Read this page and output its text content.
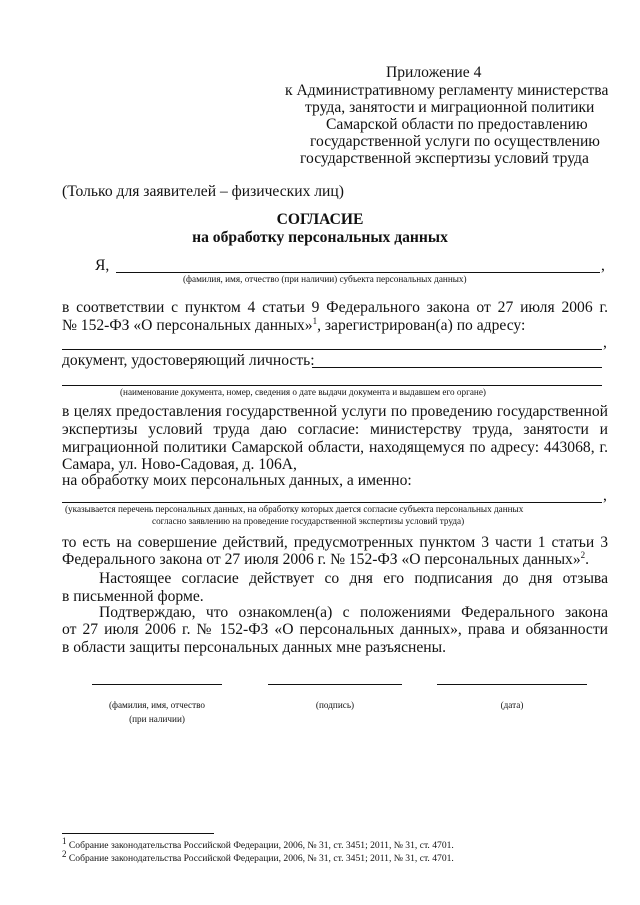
Приложение 4
к Административному регламенту министерства
труда, занятости и миграционной политики
Самарской области по предоставлению
государственной услуги по осуществлению
государственной экспертизы условий труда
(Только для заявителей – физических лиц)
СОГЛАСИЕ
на обработку персональных данных
Я,	,
(фамилия, имя, отчество (при наличии) субъекта персональных данных)
в соответствии с пунктом 4 статьи 9 Федерального закона от 27 июля 2006 г.
№ 152-ФЗ «О персональных данных»$^1$, зарегистрирован(а) по адресу:
,
документ, удостоверяющий личность:
(наименование документа, номер, сведения о дате выдачи документа и выдавшем его органе)
в целях предоставления государственной услуги по проведению государственной
экспертизы условий труда даю согласие: министерству труда, занятости и
миграционной политики Самарской области, находящемуся по адресу: 443068, г.
Самара, ул. Ново-Садовая, д. 106А,
на обработку моих персональных данных, а именно:
,
(указывается перечень персональных данных, на обработку которых дается согласие субъекта персональных данных
согласно заявлению на проведение государственной экспертизы условий труда)
то есть на совершение действий, предусмотренных пунктом 3 части 1 статьи 3
Федерального закона от 27 июля 2006 г. № 152-ФЗ «О персональных данных»$^2$.
Настоящее согласие действует со дня его подписания до дня отзыва
в письменной форме.
Подтверждаю, что ознакомлен(а) с положениями Федерального закона
от 27 июля 2006 г. № 152-ФЗ «О персональных данных», права и обязанности
в области защиты персональных данных мне разъяснены.
(фамилия, имя, отчество
(при наличии)
(подпись)	(дата)
$^1$ Собрание законодательства Российской Федерации, 2006, № 31, ст. 3451; 2011, № 31, ст. 4701.
$^2$ Собрание законодательства Российской Федерации, 2006, № 31, ст. 3451; 2011, № 31, ст. 4701.
